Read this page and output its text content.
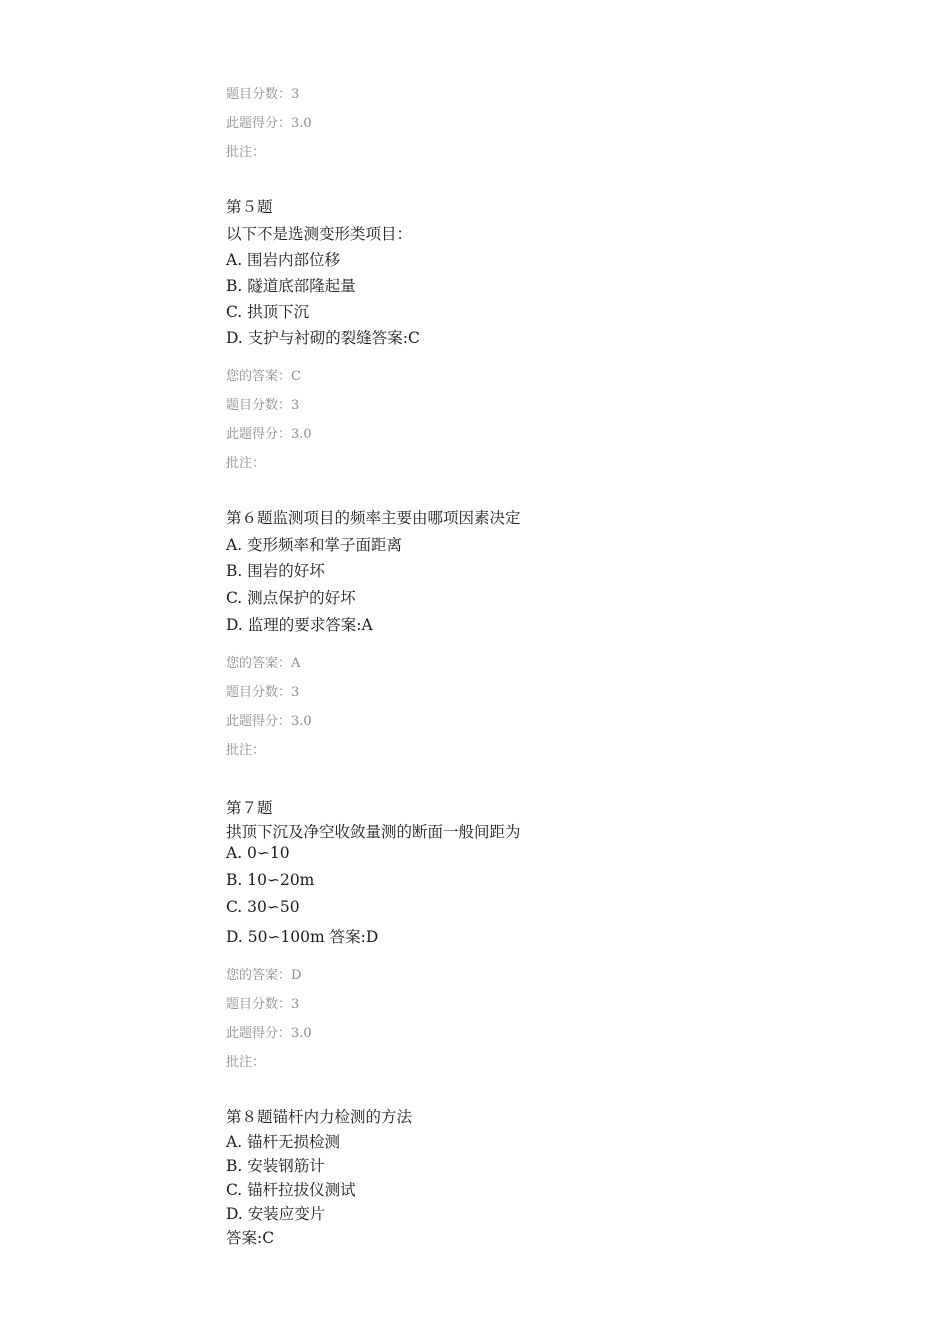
题目分数：3
此题得分：3.0
批注：
第５题
以下不是选测变形类项目：
A. 围岩内部位移
B. 隧道底部隆起量
C. 拱顶下沉
D. 支护与衬砌的裂缝答案:C
您的答案：C
题目分数：3
此题得分：3.0
批注：
第６题监测项目的频率主要由哪项因素决定
A. 变形频率和掌子面距离
B. 围岩的好坏
C. 测点保护的好坏
D. 监理的要求答案:A
您的答案：A
题目分数：3
此题得分：3.0
批注：
第７题
拱顶下沉及净空收敛量测的断面一般间距为
A. 0∽10
B. 10∽20m
C. 30∽50
D. 50∽100m 答案:D
您的答案：D
题目分数：3
此题得分：3.0
批注：
第８题锚杆内力检测的方法
A. 锚杆无损检测
B. 安装钢筋计
C. 锚杆拉拔仪测试
D. 安装应变片
答案:C
